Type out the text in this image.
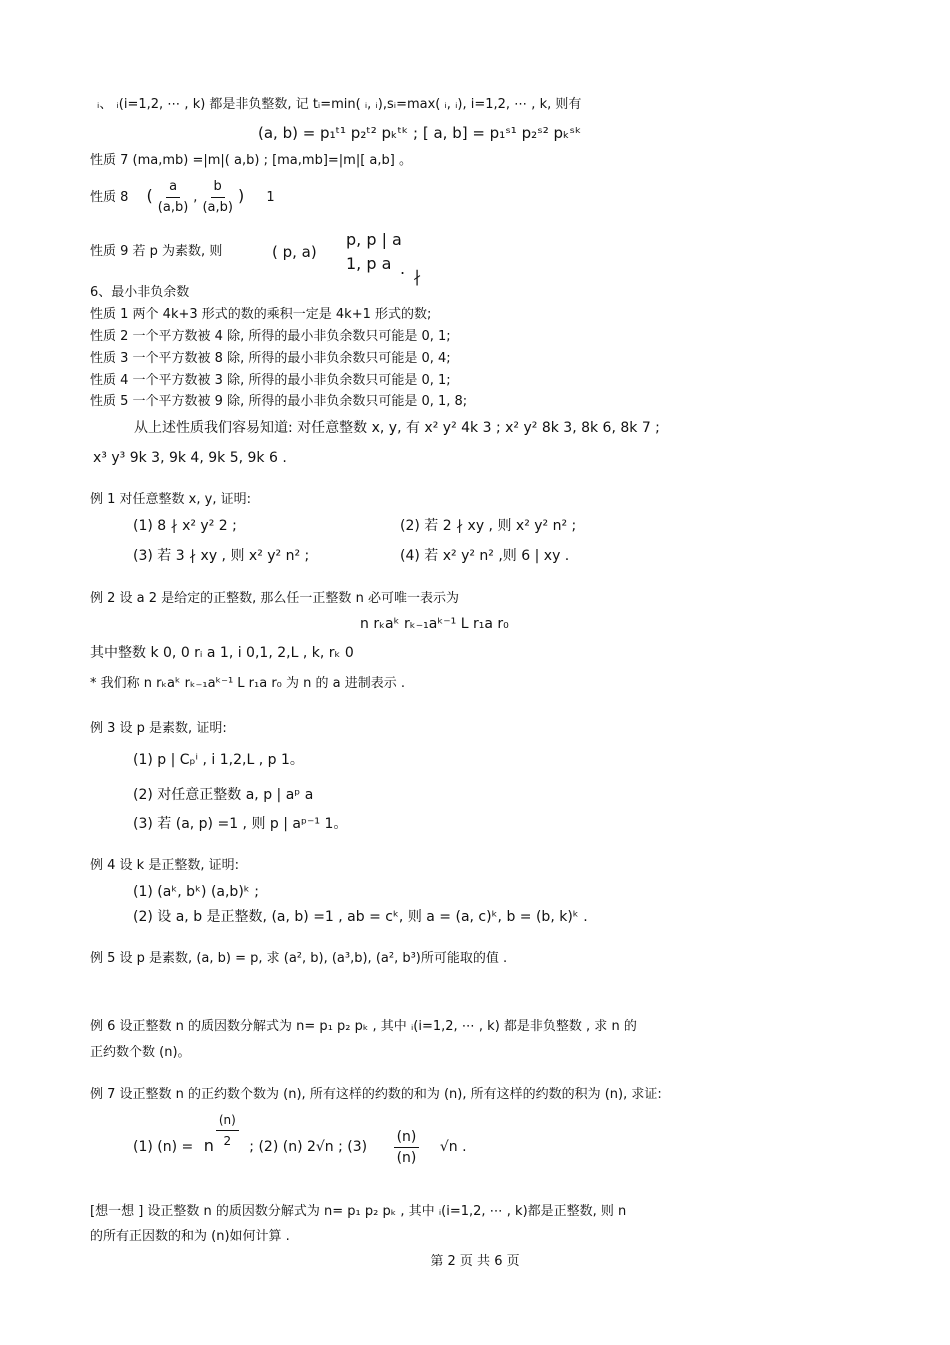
ᵢ、 ᵢ(i=1,2, ⋯ , k) 都是非负整数, 记 tᵢ=min( ᵢ, ᵢ),sᵢ=max( ᵢ, ᵢ), i=1,2, ⋯ , k, 则有
(a, b) = p₁ᵗ¹ p₂ᵗ² pₖᵗᵏ ; [ a, b] = p₁ˢ¹ p₂ˢ² pₖˢᵏ
性质 7 (ma,mb) =|m|( a,b) ; [ma,mb]=|m|[ a,b] 。
性质 8 ( $\frac{a}{(a,b)}$ , $\frac{b}{(a,b)}$ ) 1
性质 9 若 p 为素数, 则	( p, a)
p, p | a
1, p a . ∤
6、最小非负余数
性质 1 两个 4k+3 形式的数的乘积一定是 4k+1 形式的数;
性质 2 一个平方数被 4 除, 所得的最小非负余数只可能是 0, 1;
性质 3 一个平方数被 8 除, 所得的最小非负余数只可能是 0, 4;
性质 4 一个平方数被 3 除, 所得的最小非负余数只可能是 0, 1;
性质 5 一个平方数被 9 除, 所得的最小非负余数只可能是 0, 1, 8;
从上述性质我们容易知道: 对任意整数 x, y, 有 x² y² 4k 3 ; x² y² 8k 3, 8k 6, 8k 7 ;
x³ y³ 9k 3, 9k 4, 9k 5, 9k 6 .
例 1 对任意整数 x, y, 证明:
(1) 8 ∤ x² y² 2 ;	(2) 若 2 ∤ xy , 则 x² y² n² ;
(3) 若 3 ∤ xy , 则 x² y² n² ;	(4) 若 x² y² n² ,则 6 | xy .
例 2 设 a 2 是给定的正整数, 那么任一正整数 n 必可唯一表示为
n rₖaᵏ rₖ₋₁aᵏ⁻¹ L r₁a r₀
其中整数 k 0, 0 rᵢ a 1, i 0,1, 2,L , k, rₖ 0
* 我们称 n rₖaᵏ rₖ₋₁aᵏ⁻¹ L r₁a r₀ 为 n 的 a 进制表示 .
例 3 设 p 是素数, 证明:
(1) p | Cₚⁱ , i 1,2,L , p 1。
(2) 对任意正整数 a, p | aᵖ a
(3) 若 (a, p) =1 , 则 p | aᵖ⁻¹ 1。
例 4 设 k 是正整数, 证明:
(1) (aᵏ, bᵏ) (a,b)ᵏ ;
(2) 设 a, b 是正整数, (a, b) =1 , ab = cᵏ, 则 a = (a, c)ᵏ, b = (b, k)ᵏ .
例 5 设 p 是素数, (a, b) = p, 求 (a², b), (a³,b), (a², b³)所可能取的值 .
例 6 设正整数 n 的质因数分解式为 n= p₁ p₂ pₖ , 其中 ᵢ(i=1,2, ⋯ , k) 都是非负整数 , 求 n 的
正约数个数 (n)。
例 7 设正整数 n 的正约数个数为 (n), 所有这样的约数的和为 (n), 所有这样的约数的积为 (n), 求证:
(1) (n) = n $\frac{(n)}{2}$ ; (2) (n) 2√n ; $(3) \frac{(n)}{(n)} √n$ .
[想一想 ] 设正整数 n 的质因数分解式为 n= p₁ p₂ pₖ , 其中 ᵢ(i=1,2, ⋯ , k)都是正整数, 则 n
的所有正因数的和为 (n)如何计算 .
第 2 页 共 6 页
